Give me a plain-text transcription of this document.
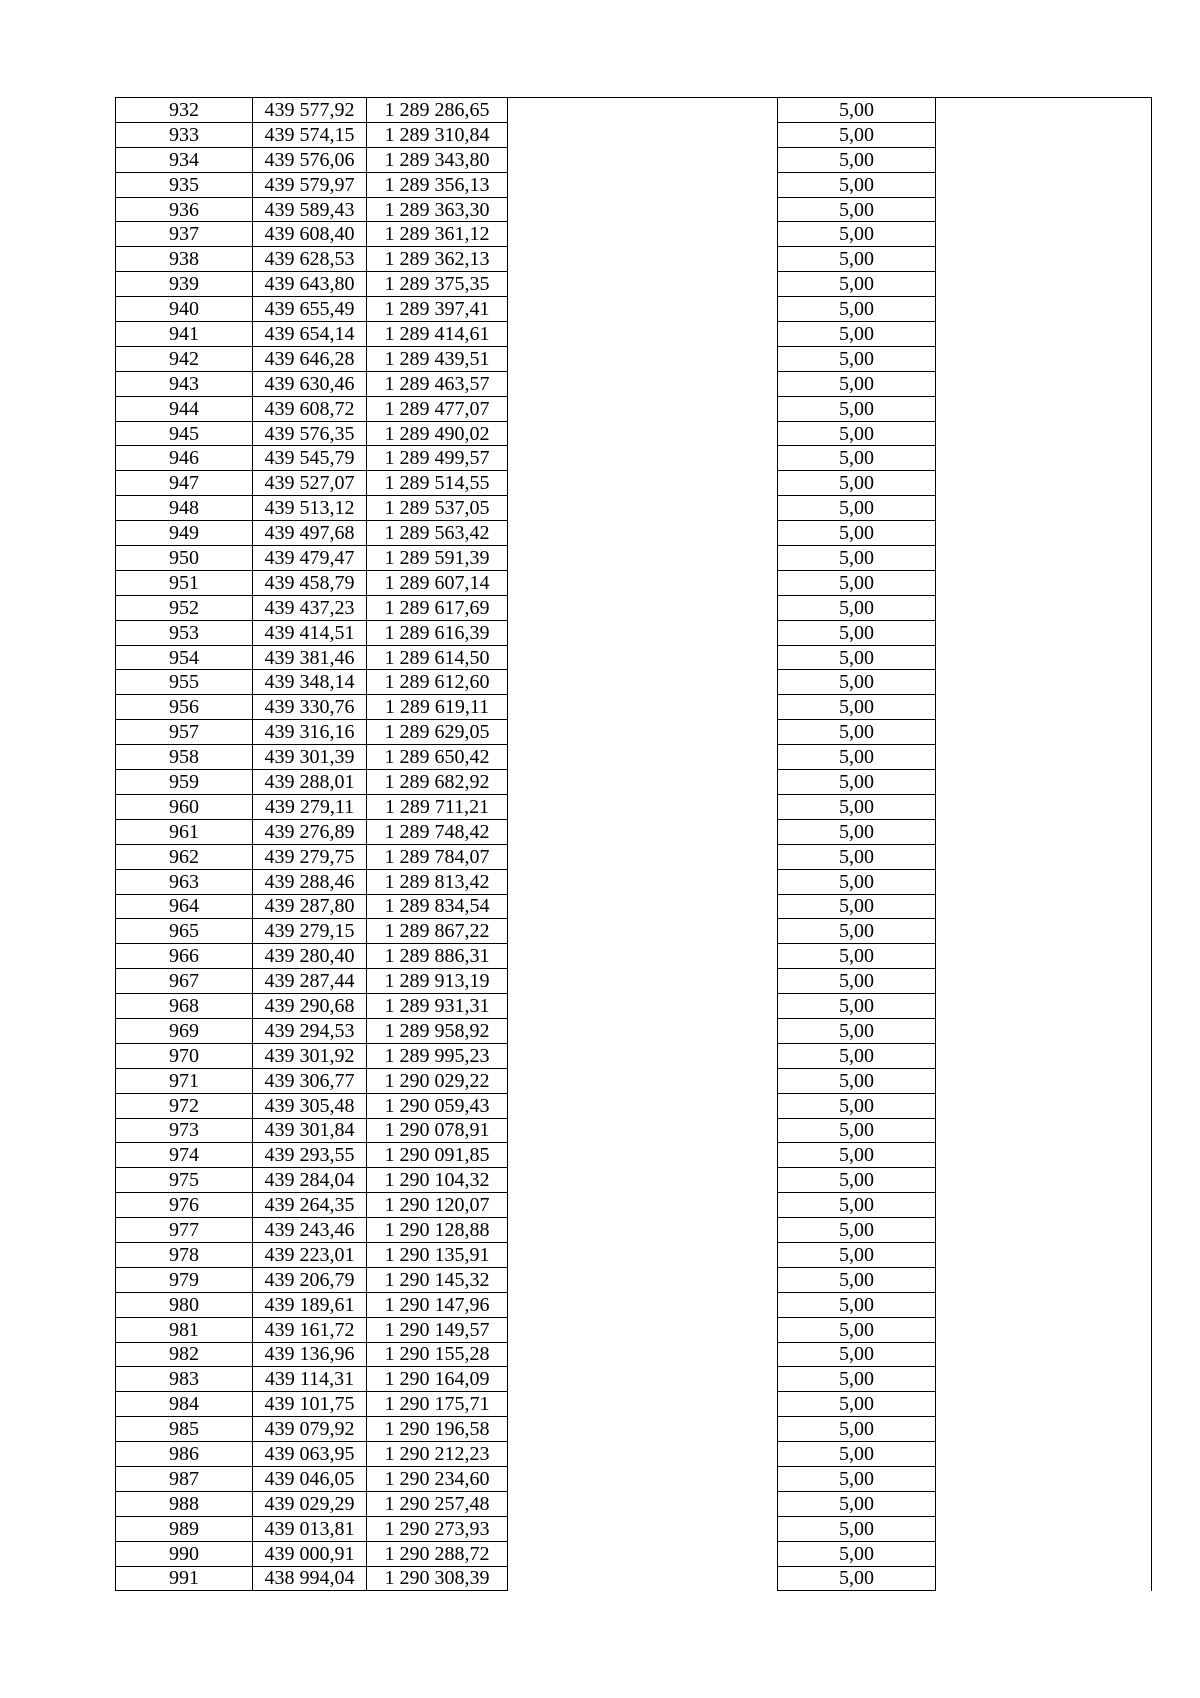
932	439 577,92	1 289 286,65		5,00	
933	439 574,15	1 289 310,84		5,00	
934	439 576,06	1 289 343,80		5,00	
935	439 579,97	1 289 356,13		5,00	
936	439 589,43	1 289 363,30		5,00	
937	439 608,40	1 289 361,12		5,00	
938	439 628,53	1 289 362,13		5,00	
939	439 643,80	1 289 375,35		5,00	
940	439 655,49	1 289 397,41		5,00	
941	439 654,14	1 289 414,61		5,00	
942	439 646,28	1 289 439,51		5,00	
943	439 630,46	1 289 463,57		5,00	
944	439 608,72	1 289 477,07		5,00	
945	439 576,35	1 289 490,02		5,00	
946	439 545,79	1 289 499,57		5,00	
947	439 527,07	1 289 514,55		5,00	
948	439 513,12	1 289 537,05		5,00	
949	439 497,68	1 289 563,42		5,00	
950	439 479,47	1 289 591,39		5,00	
951	439 458,79	1 289 607,14		5,00	
952	439 437,23	1 289 617,69		5,00	
953	439 414,51	1 289 616,39		5,00	
954	439 381,46	1 289 614,50		5,00	
955	439 348,14	1 289 612,60		5,00	
956	439 330,76	1 289 619,11		5,00	
957	439 316,16	1 289 629,05		5,00	
958	439 301,39	1 289 650,42		5,00	
959	439 288,01	1 289 682,92		5,00	
960	439 279,11	1 289 711,21		5,00	
961	439 276,89	1 289 748,42		5,00	
962	439 279,75	1 289 784,07		5,00	
963	439 288,46	1 289 813,42		5,00	
964	439 287,80	1 289 834,54		5,00	
965	439 279,15	1 289 867,22		5,00	
966	439 280,40	1 289 886,31		5,00	
967	439 287,44	1 289 913,19		5,00	
968	439 290,68	1 289 931,31		5,00	
969	439 294,53	1 289 958,92		5,00	
970	439 301,92	1 289 995,23		5,00	
971	439 306,77	1 290 029,22		5,00	
972	439 305,48	1 290 059,43		5,00	
973	439 301,84	1 290 078,91		5,00	
974	439 293,55	1 290 091,85		5,00	
975	439 284,04	1 290 104,32		5,00	
976	439 264,35	1 290 120,07		5,00	
977	439 243,46	1 290 128,88		5,00	
978	439 223,01	1 290 135,91		5,00	
979	439 206,79	1 290 145,32		5,00	
980	439 189,61	1 290 147,96		5,00	
981	439 161,72	1 290 149,57		5,00	
982	439 136,96	1 290 155,28		5,00	
983	439 114,31	1 290 164,09		5,00	
984	439 101,75	1 290 175,71		5,00	
985	439 079,92	1 290 196,58		5,00	
986	439 063,95	1 290 212,23		5,00	
987	439 046,05	1 290 234,60		5,00	
988	439 029,29	1 290 257,48		5,00	
989	439 013,81	1 290 273,93		5,00	
990	439 000,91	1 290 288,72		5,00	
991	438 994,04	1 290 308,39		5,00	
